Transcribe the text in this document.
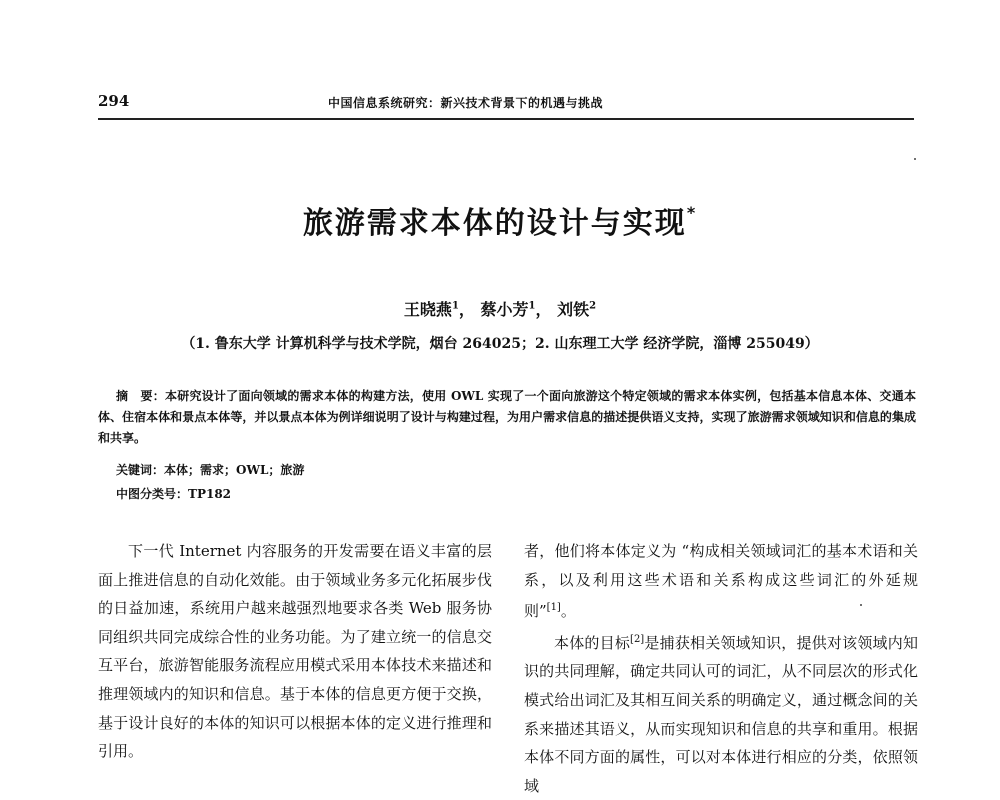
294	中国信息系统研究：新兴技术背景下的机遇与挑战
旅游需求本体的设计与实现*
王晓燕$^1$， 蔡小芳$^1$， 刘铁$^2$
（1. 鲁东大学 计算机科学与技术学院，烟台 264025；2. 山东理工大学 经济学院，淄博 255049）
摘　要：本研究设计了面向领域的需求本体的构建方法，使用 OWL 实现了一个面向旅游这个特定领域的需求本体实例，包括基本信息本体、交通本体、住宿本体和景点本体等，并以景点本体为例详细说明了设计与构建过程，为用户需求信息的描述提供语义支持，实现了旅游需求领域知识和信息的集成和共享。
关键词：本体；需求；OWL；旅游
中图分类号：TP182

下一代 Internet 内容服务的开发需要在语义丰富的层面上推进信息的自动化效能。由于领域业务多元化拓展步伐的日益加速，系统用户越来越强烈地要求各类 Web 服务协同组织共同完成综合性的业务功能。为了建立统一的信息交互平台，旅游智能服务流程应用模式采用本体技术来描述和推理领域内的知识和信息。基于本体的信息更方便于交换，基于设计良好的本体的知识可以根据本体的定义进行推理和引用。

者，他们将本体定义为 “构成相关领域词汇的基本术语和关系，以及利用这些术语和关系构成这些词汇的外延规则”[1]。

本体的目标[2]是捕获相关领域知识，提供对该领域内知识的共同理解，确定共同认可的词汇，从不同层次的形式化模式给出词汇及其相互间关系的明确定义，通过概念间的关系来描述其语义，从而实现知识和信息的共享和重用。根据本体不同方面的属性，可以对本体进行相应的分类，依照领域
